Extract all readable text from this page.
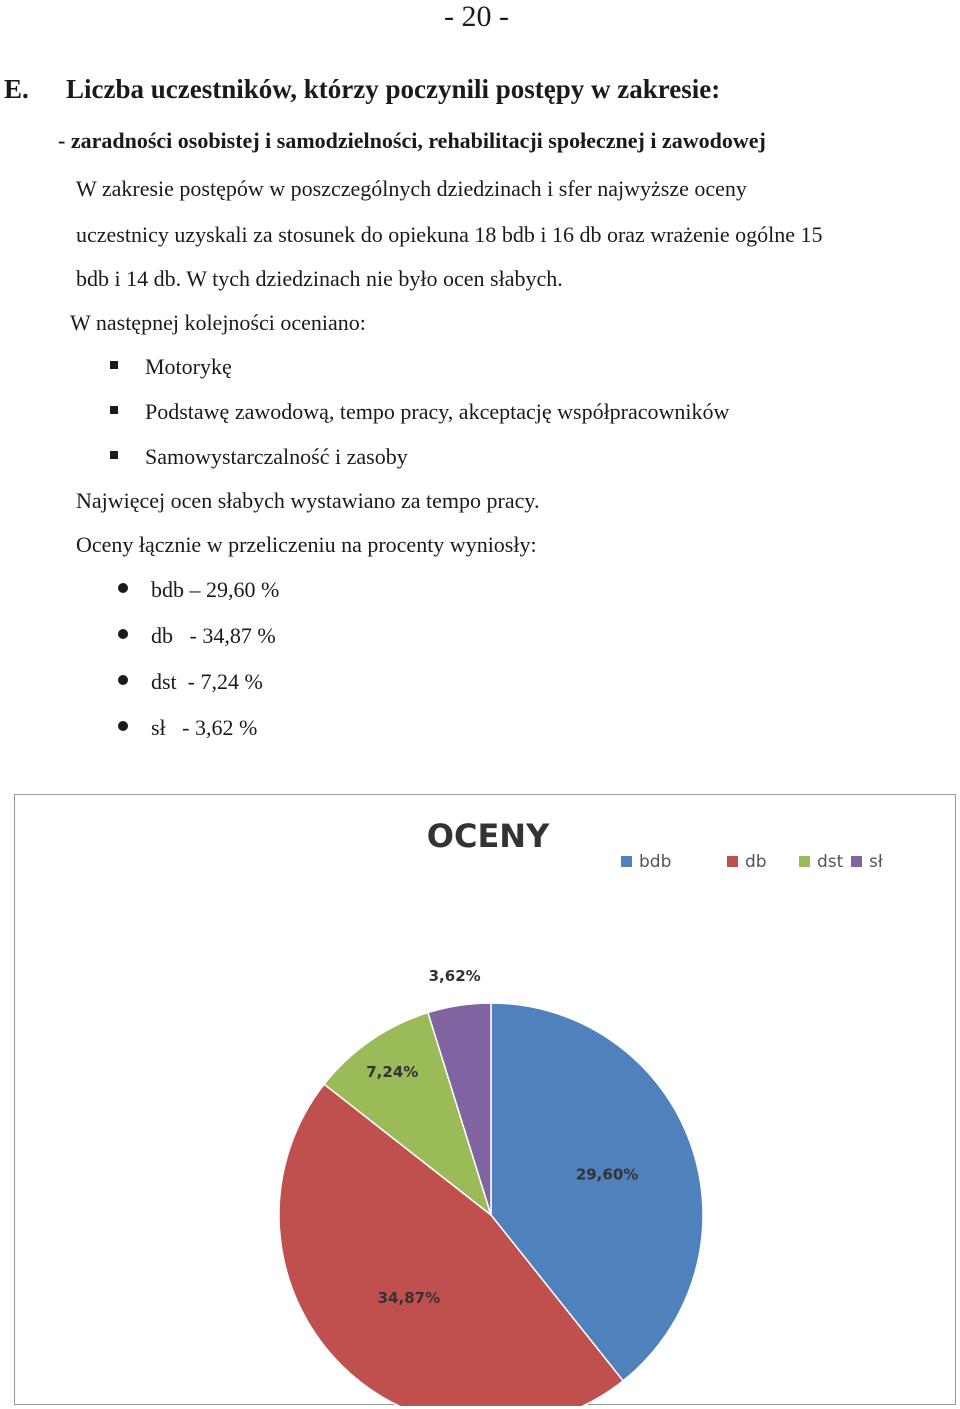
- 20 -
E. Liczba uczestników, którzy poczynili postępy w zakresie:
- zaradności osobistej i samodzielności, rehabilitacji społecznej i zawodowej
W zakresie postępów w poszczególnych dziedzinach i sfer najwyższe oceny
uczestnicy uzyskali za stosunek do opiekuna 18 bdb i 16 db oraz wrażenie ogólne 15
bdb i 14 db. W tych dziedzinach nie było ocen słabych.
W następnej kolejności oceniano:
Motorykę
Podstawę zawodową, tempo pracy, akceptację współpracowników
Samowystarczalność i zasoby
Najwięcej ocen słabych wystawiano za tempo pracy.
Oceny łącznie w przeliczeniu na procenty wyniosły:
bdb – 29,60 %
db   - 34,87 %
dst  - 7,24 %
sł   - 3,62 %
OCENY
bdb	db	dst sł
29,60%
34,87%
7,24%
3,62%
